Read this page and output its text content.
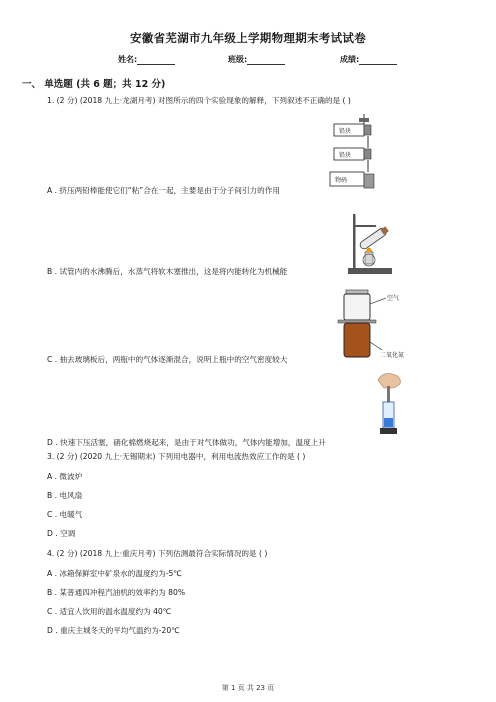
安徽省芜湖市九年级上学期物理期末考试试卷
姓名:	班级:	成绩:
一、 单选题 (共 6 题；共 12 分)
1. (2 分) (2018 九上·龙湖月考) 对图所示的四个实验现象的解释，下列叙述不正确的是 ( )
铅块
铅块
物码
A . 挤压两铅棒能使它们“粘”合在一起，主要是由于分子间引力的作用
B . 试管内的水沸腾后，水蒸气将软木塞推出，这是将内能转化为机械能
空气
二氧化氮
C . 抽去玻璃板后，两瓶中的气体逐渐混合，说明上瓶中的空气密度较大
D . 快速下压活塞，硝化棉燃烧起来，是由于对气体做功，气体内能增加，温度上升
3. (2 分) (2020 九上·无锡期末) 下列用电器中，利用电流热效应工作的是 ( )
A . 微波炉
B . 电风扇
C . 电暖气
D . 空调
4. (2 分) (2018 九上·重庆月考) 下列估测最符合实际情况的是 ( )
A . 冰箱保鲜室中矿泉水的温度约为-5℃
B . 某普通四冲程汽油机的效率约为 80%
C . 适宜人饮用的温水温度约为 40℃
D . 重庆主城冬天的平均气温约为-20℃
第 1 页 共 23 页
